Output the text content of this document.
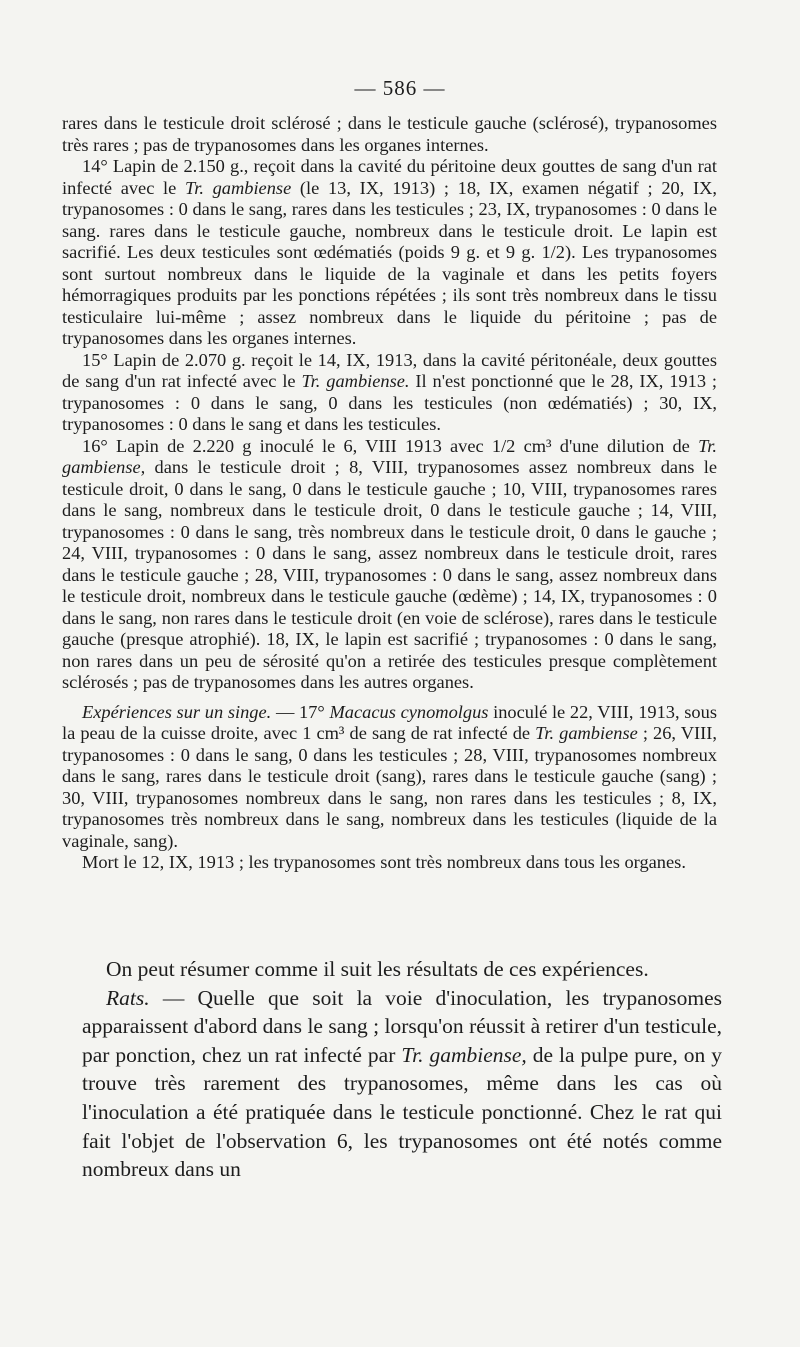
— 586 —

rares dans le testicule droit sclérosé ; dans le testicule gauche (sclérosé), trypanosomes très rares ; pas de trypanosomes dans les organes internes.

14° Lapin de 2.150 g., reçoit dans la cavité du péritoine deux gouttes de sang d'un rat infecté avec le Tr. gambiense (le 13, IX, 1913) ; 18, IX, examen négatif ; 20, IX, trypanosomes : 0 dans le sang, rares dans les testicules ; 23, IX, trypanosomes : 0 dans le sang. rares dans le testicule gauche, nombreux dans le testicule droit. Le lapin est sacrifié. Les deux testicules sont œdématiés (poids 9 g. et 9 g. 1/2). Les trypanosomes sont surtout nombreux dans le liquide de la vaginale et dans les petits foyers hémorragiques produits par les ponctions répétées ; ils sont très nombreux dans le tissu testiculaire lui-même ; assez nombreux dans le liquide du péritoine ; pas de trypanosomes dans les organes internes.

15° Lapin de 2.070 g. reçoit le 14, IX, 1913, dans la cavité péritonéale, deux gouttes de sang d'un rat infecté avec le Tr. gambiense. Il n'est ponctionné que le 28, IX, 1913 ; trypanosomes : 0 dans le sang, 0 dans les testicules (non œdématiés) ; 30, IX, trypanosomes : 0 dans le sang et dans les testicules.

16° Lapin de 2.220 g inoculé le 6, VIII 1913 avec 1/2 cm³ d'une dilution de Tr. gambiense, dans le testicule droit ; 8, VIII, trypanosomes assez nombreux dans le testicule droit, 0 dans le sang, 0 dans le testicule gauche ; 10, VIII, trypanosomes rares dans le sang, nombreux dans le testicule droit, 0 dans le testicule gauche ; 14, VIII, trypanosomes : 0 dans le sang, très nombreux dans le testicule droit, 0 dans le gauche ; 24, VIII, trypanosomes : 0 dans le sang, assez nombreux dans le testicule droit, rares dans le testicule gauche ; 28, VIII, trypanosomes : 0 dans le sang, assez nombreux dans le testicule droit, nombreux dans le testicule gauche (œdème) ; 14, IX, trypanosomes : 0 dans le sang, non rares dans le testicule droit (en voie de sclérose), rares dans le testicule gauche (presque atrophié). 18, IX, le lapin est sacrifié ; trypanosomes : 0 dans le sang, non rares dans un peu de sérosité qu'on a retirée des testicules presque complètement sclérosés ; pas de trypanosomes dans les autres organes.

Expériences sur un singe. — 17° Macacus cynomolgus inoculé le 22, VIII, 1913, sous la peau de la cuisse droite, avec 1 cm³ de sang de rat infecté de Tr. gambiense ; 26, VIII, trypanosomes : 0 dans le sang, 0 dans les testicules ; 28, VIII, trypanosomes nombreux dans le sang, rares dans le testicule droit (sang), rares dans le testicule gauche (sang) ; 30, VIII, trypanosomes nombreux dans le sang, non rares dans les testicules ; 8, IX, trypanosomes très nombreux dans le sang, nombreux dans les testicules (liquide de la vaginale, sang).

Mort le 12, IX, 1913 ; les trypanosomes sont très nombreux dans tous les organes.

On peut résumer comme il suit les résultats de ces expériences.

Rats. — Quelle que soit la voie d'inoculation, les trypanosomes apparaissent d'abord dans le sang ; lorsqu'on réussit à retirer d'un testicule, par ponction, chez un rat infecté par Tr. gambiense, de la pulpe pure, on y trouve très rarement des trypanosomes, même dans les cas où l'inoculation a été pratiquée dans le testicule ponctionné. Chez le rat qui fait l'objet de l'observation 6, les trypanosomes ont été notés comme nombreux dans un
